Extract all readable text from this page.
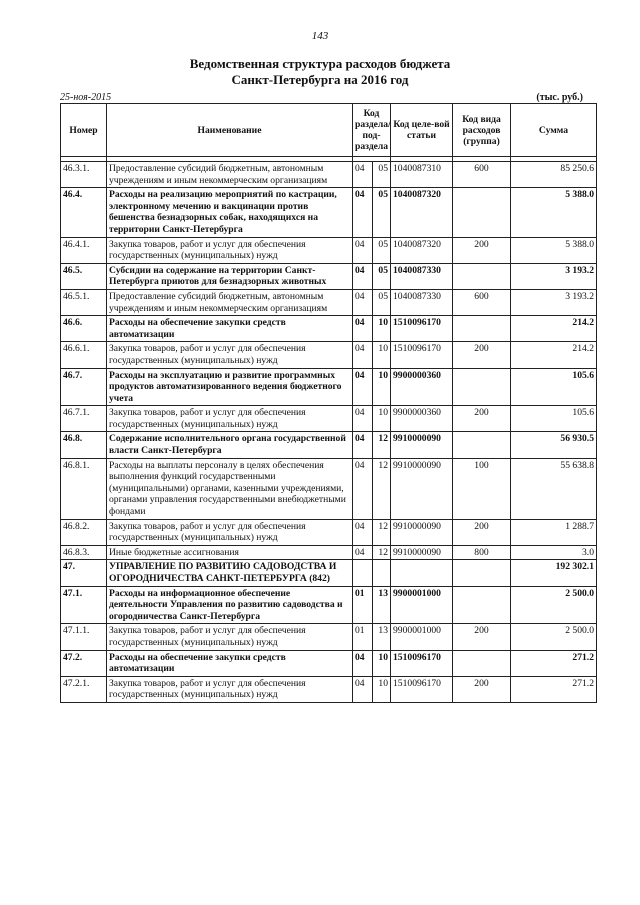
143
Ведомственная структура расходов бюджета
Санкт-Петербурга на 2016 год
25-ноя-2015	(тыс. руб.)
Номер	Наименование	Код раздела/ под-раздела		Код целе-вой статьи	Код вида расходов (группа)	Сумма

46.3.1.	Предоставление субсидий бюджетным, автономным учреждениям и иным некоммерческим организациям	04	05	1040087310	600	85 250.6
46.4.	Расходы на реализацию мероприятий по кастрации, электронному мечению и вакцинации против бешенства безнадзорных собак, находящихся на территории Санкт-Петербурга	04	05	1040087320		5 388.0
46.4.1.	Закупка товаров, работ и услуг для обеспечения государственных (муниципальных) нужд	04	05	1040087320	200	5 388.0
46.5.	Субсидии на содержание на территории Санкт-Петербурга приютов для безнадзорных животных	04	05	1040087330		3 193.2
46.5.1.	Предоставление субсидий бюджетным, автономным учреждениям и иным некоммерческим организациям	04	05	1040087330	600	3 193.2
46.6.	Расходы на обеспечение закупки средств автоматизации	04	10	1510096170		214.2
46.6.1.	Закупка товаров, работ и услуг для обеспечения государственных (муниципальных) нужд	04	10	1510096170	200	214.2
46.7.	Расходы на эксплуатацию и развитие программных продуктов автоматизированного ведения бюджетного учета	04	10	9900000360		105.6
46.7.1.	Закупка товаров, работ и услуг для обеспечения государственных (муниципальных) нужд	04	10	9900000360	200	105.6
46.8.	Содержание исполнительного органа государственной власти Санкт-Петербурга	04	12	9910000090		56 930.5
46.8.1.	Расходы на выплаты персоналу в целях обеспечения выполнения функций государственными (муниципальными) органами, казенными учреждениями, органами управления государственными внебюджетными фондами	04	12	9910000090	100	55 638.8
46.8.2.	Закупка товаров, работ и услуг для обеспечения государственных (муниципальных) нужд	04	12	9910000090	200	1 288.7
46.8.3.	Иные бюджетные ассигнования	04	12	9910000090	800	3.0
47.	УПРАВЛЕНИЕ ПО РАЗВИТИЮ САДОВОДСТВА И ОГОРОДНИЧЕСТВА САНКТ-ПЕТЕРБУРГА (842)					192 302.1
47.1.	Расходы на информационное обеспечение деятельности Управления по развитию садоводства и огородничества Санкт-Петербурга	01	13	9900001000		2 500.0
47.1.1.	Закупка товаров, работ и услуг для обеспечения государственных (муниципальных) нужд	01	13	9900001000	200	2 500.0
47.2.	Расходы на обеспечение закупки средств автоматизации	04	10	1510096170		271.2
47.2.1.	Закупка товаров, работ и услуг для обеспечения государственных (муниципальных) нужд	04	10	1510096170	200	271.2
